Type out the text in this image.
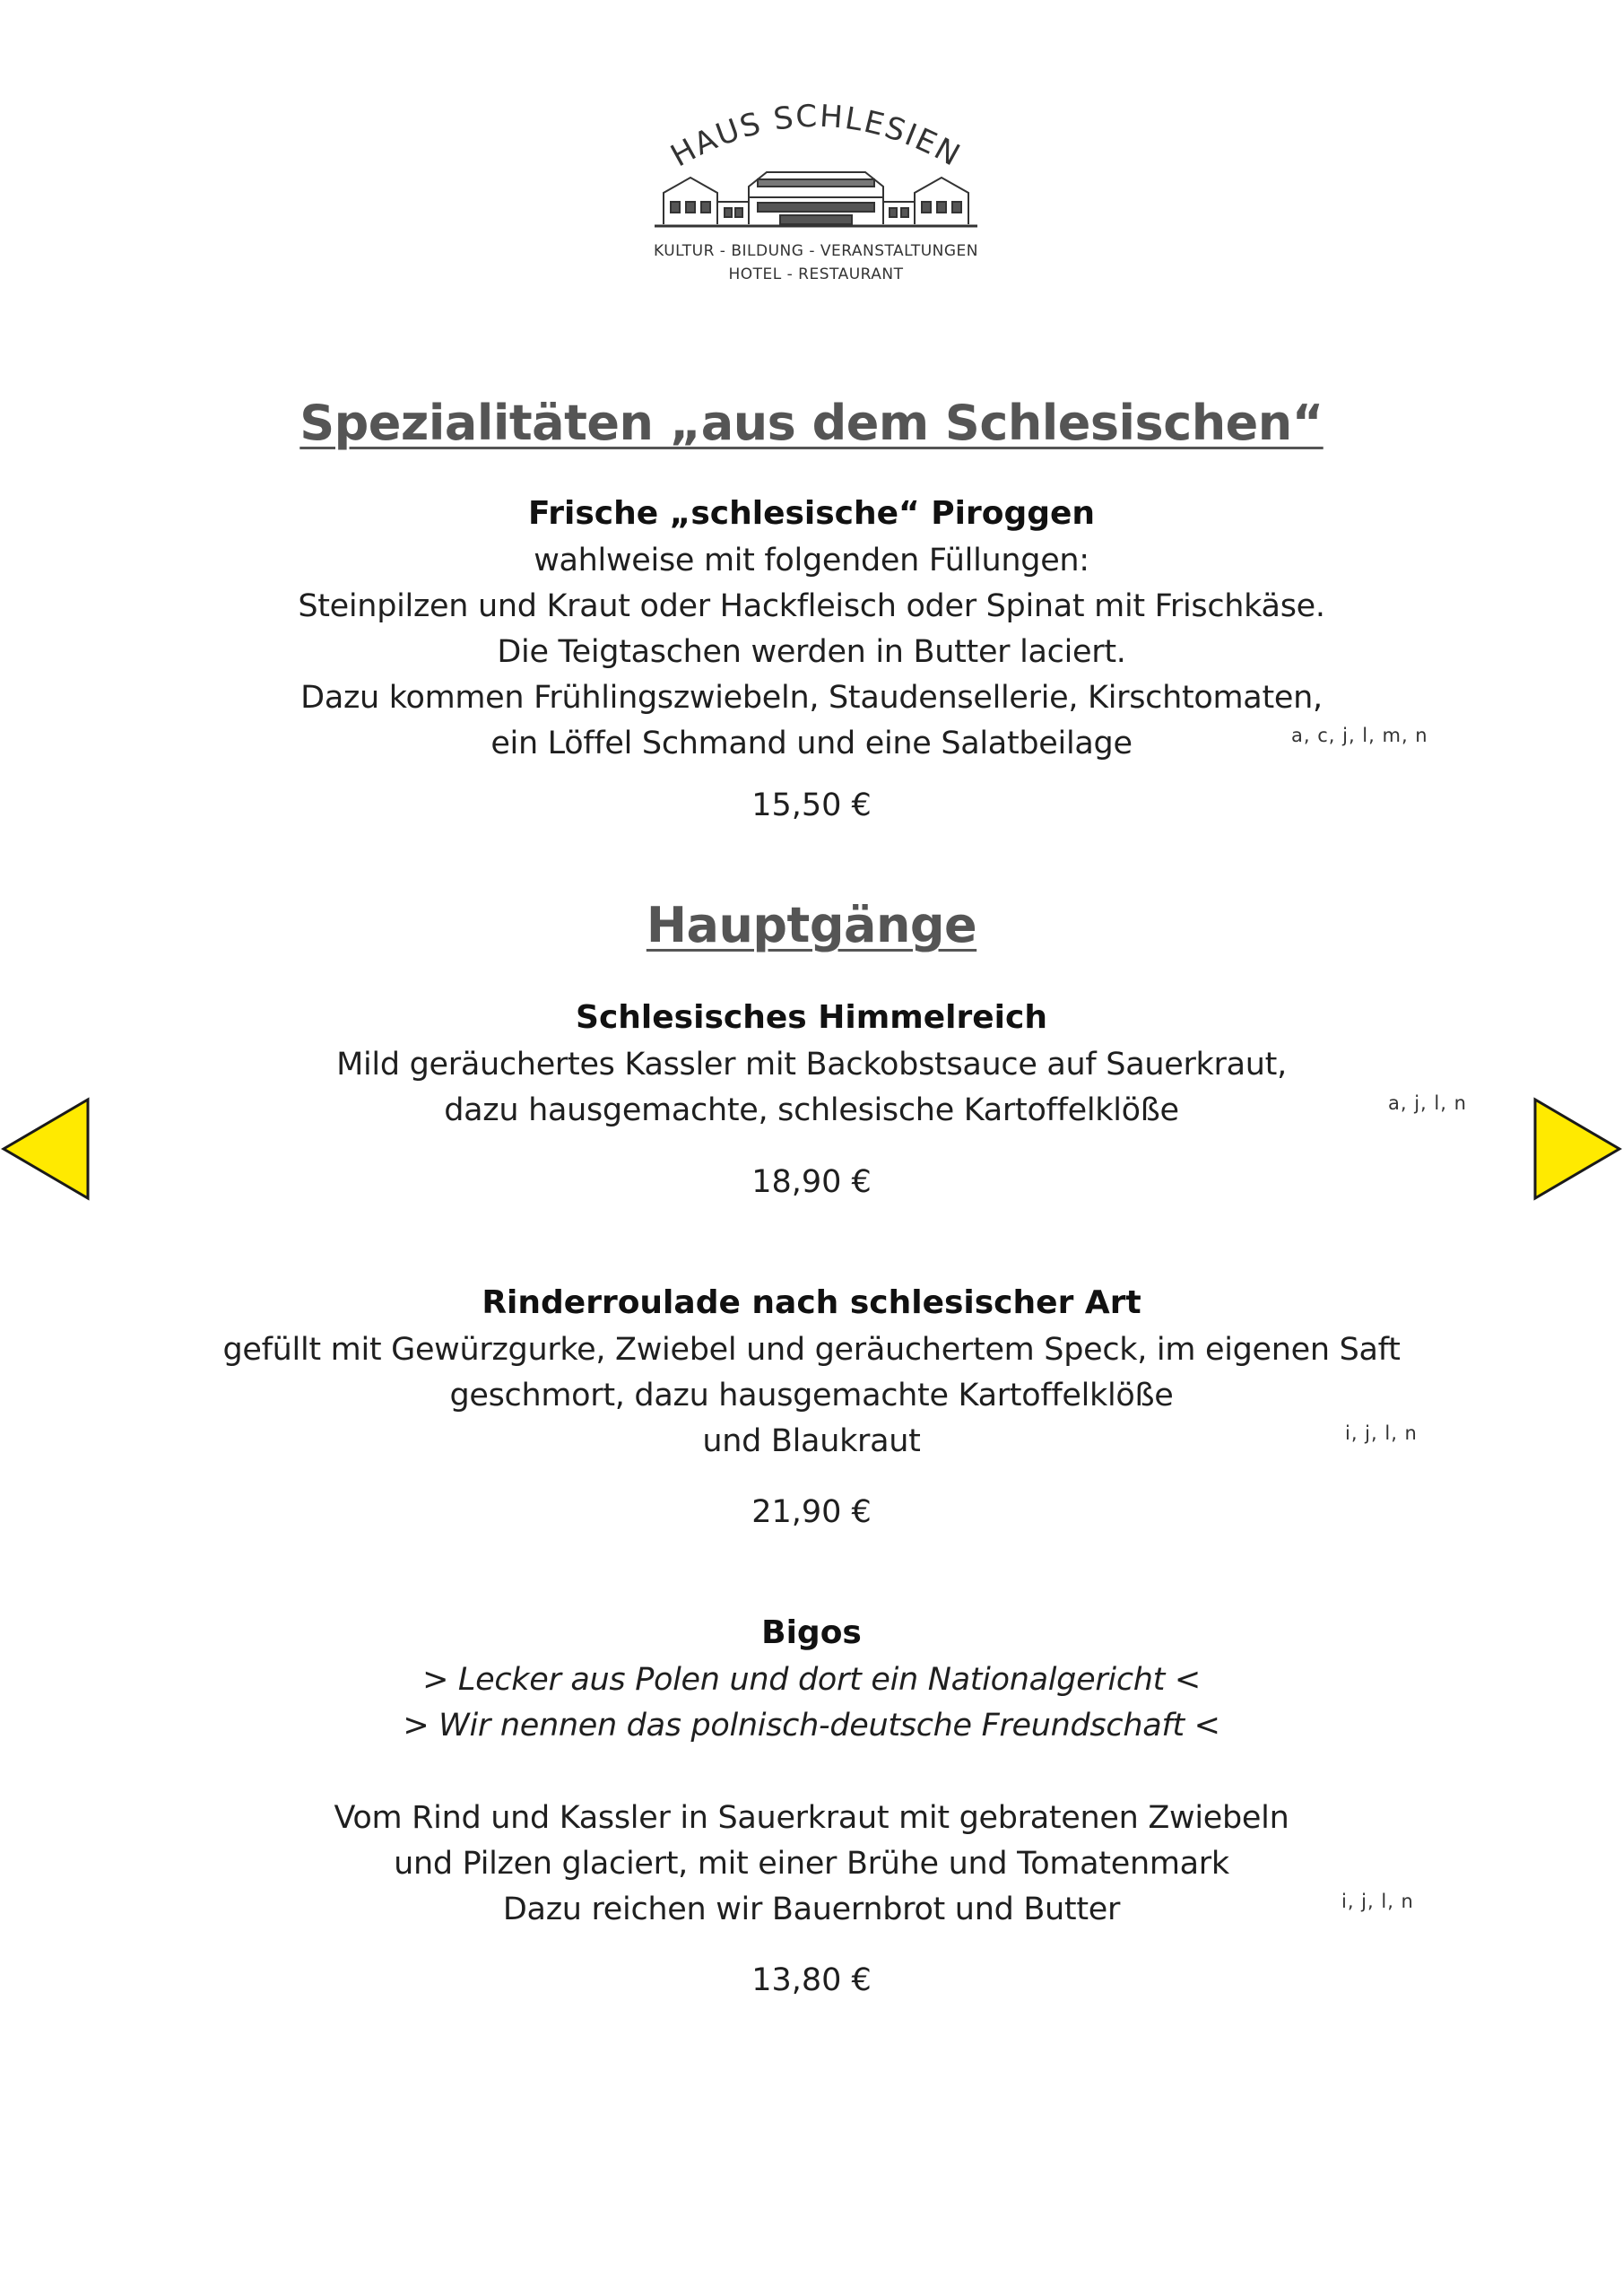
HAUS SCHLESIEN
KULTUR - BILDUNG - VERANSTALTUNGEN
HOTEL - RESTAURANT
Spezialitäten „aus dem Schlesischen“
Frische „schlesische“ Piroggen
wahlweise mit folgenden Füllungen:
Steinpilzen und Kraut oder Hackfleisch oder Spinat mit Frischkäse.
Die Teigtaschen werden in Butter laciert.
Dazu kommen Frühlingszwiebeln, Staudensellerie, Kirschtomaten,
ein Löffel Schmand und eine Salatbeilage	a, c, j, l, m, n
15,50 €
Hauptgänge
Schlesisches Himmelreich
Mild geräuchertes Kassler mit Backobstsauce auf Sauerkraut,
dazu hausgemachte, schlesische Kartoffelklöße	a, j, l, n
18,90 €
Rinderroulade nach schlesischer Art
gefüllt mit Gewürzgurke, Zwiebel und geräuchertem Speck, im eigenen Saft
geschmort, dazu hausgemachte Kartoffelklöße
und Blaukraut	i, j, l, n
21,90 €
Bigos
> Lecker aus Polen und dort ein Nationalgericht <
> Wir nennen das polnisch-deutsche Freundschaft <
Vom Rind und Kassler in Sauerkraut mit gebratenen Zwiebeln
und Pilzen glaciert, mit einer Brühe und Tomatenmark
Dazu reichen wir Bauernbrot und Butter	i, j, l, n
13,80 €
